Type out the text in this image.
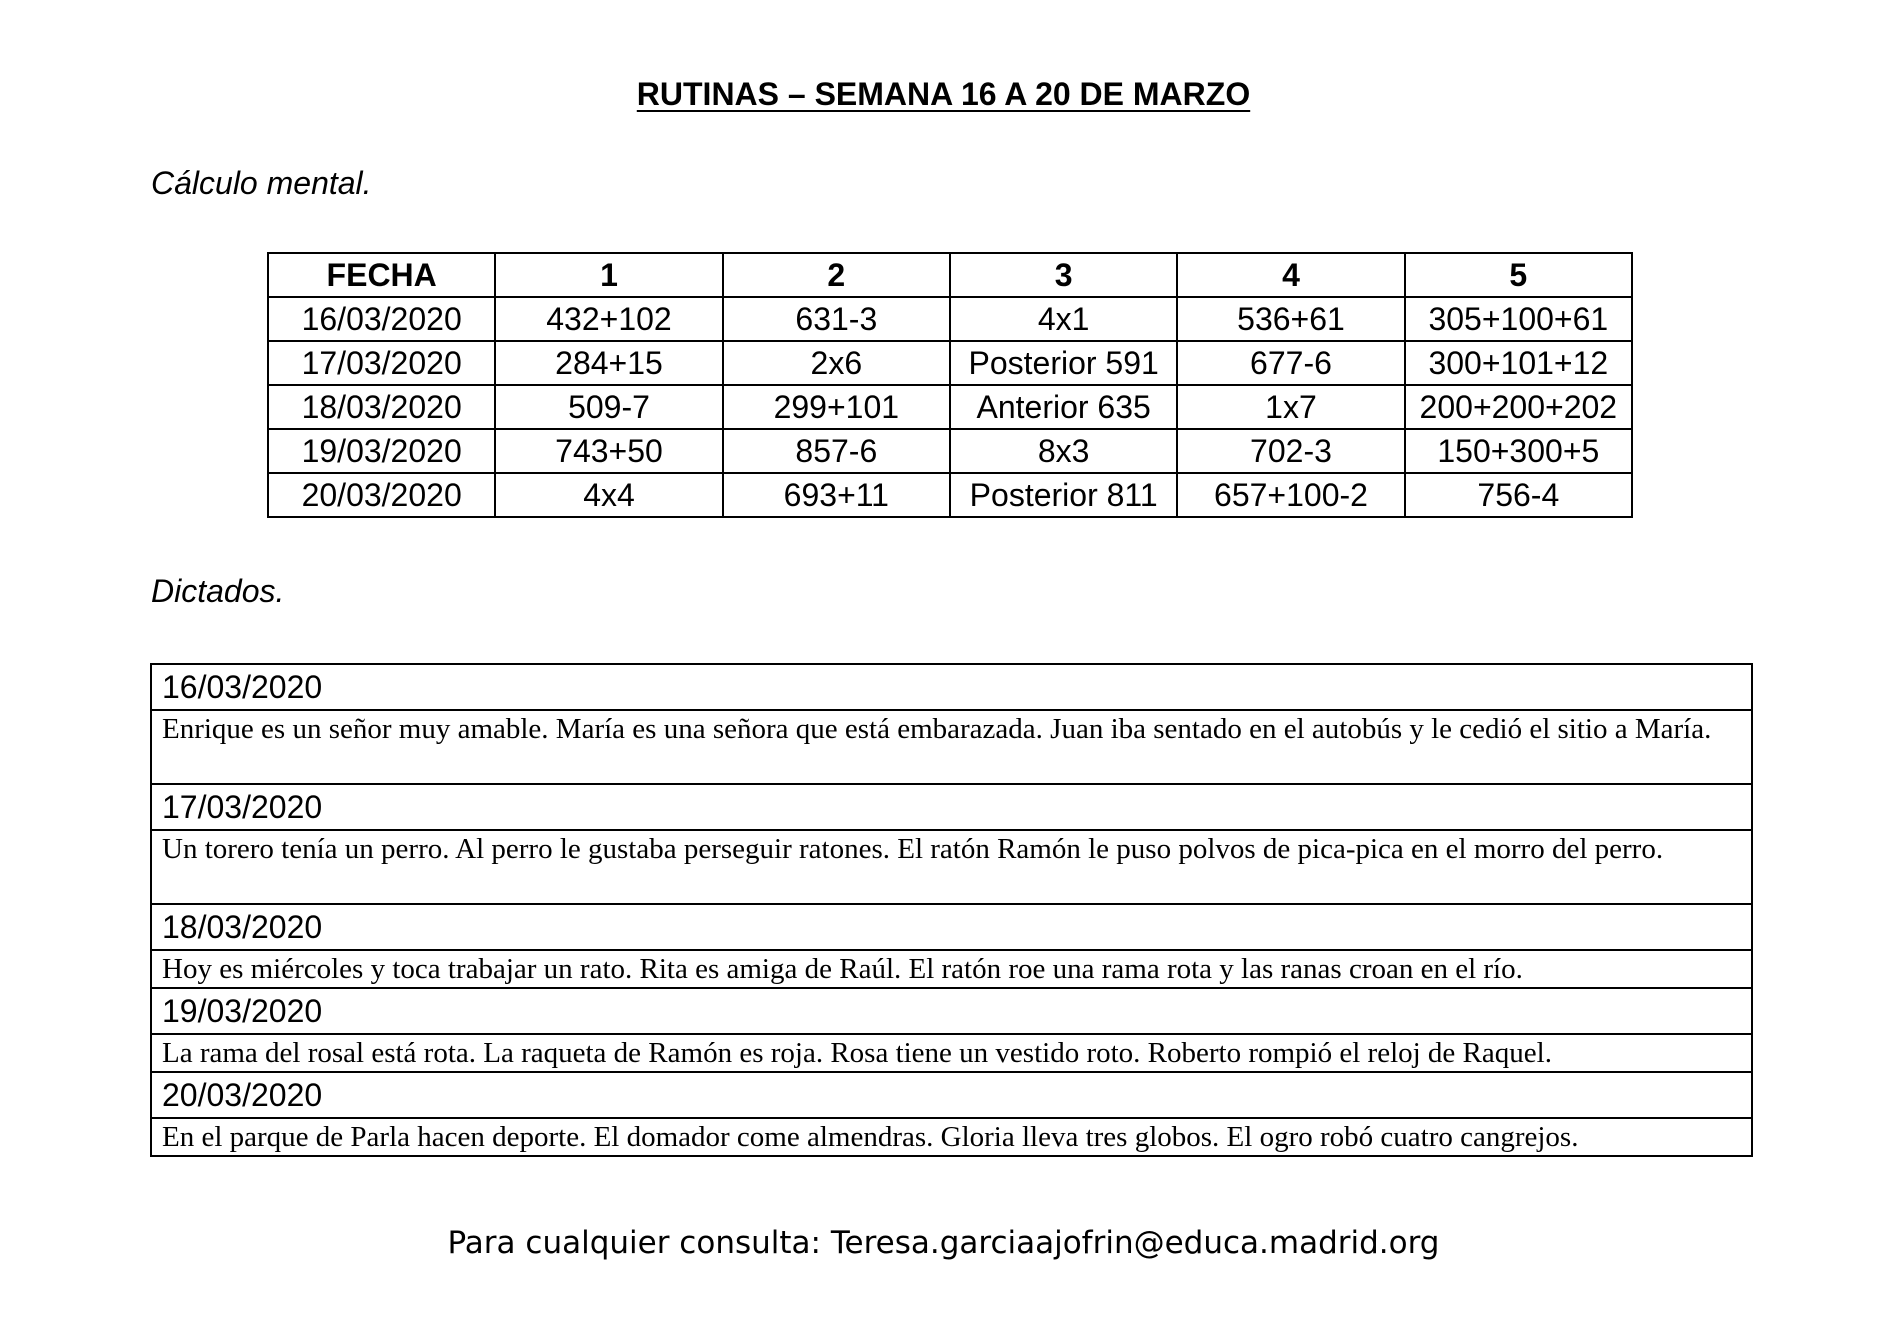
RUTINAS – SEMANA 16 A 20 DE MARZO
Cálculo mental.
FECHA	1	2	3	4	5
16/03/2020	432+102	631-3	4x1	536+61	305+100+61
17/03/2020	284+15	2x6	Posterior 591	677-6	300+101+12
18/03/2020	509-7	299+101	Anterior 635	1x7	200+200+202
19/03/2020	743+50	857-6	8x3	702-3	150+300+5
20/03/2020	4x4	693+11	Posterior 811	657+100-2	756-4
Dictados.
16/03/2020
Enrique es un señor muy amable. María es una señora que está embarazada. Juan iba sentado en el autobús y le cedió el sitio a María.
17/03/2020
Un torero tenía un perro. Al perro le gustaba perseguir ratones. El ratón Ramón le puso polvos de pica-pica en el morro del perro.
18/03/2020
Hoy es miércoles y toca trabajar un rato. Rita es amiga de Raúl. El ratón roe una rama rota y las ranas croan en el río.
19/03/2020
La rama del rosal está rota. La raqueta de Ramón es roja. Rosa tiene un vestido roto. Roberto rompió el reloj de Raquel.
20/03/2020
En el parque de Parla hacen deporte. El domador come almendras. Gloria lleva tres globos. El ogro robó cuatro cangrejos.
Para cualquier consulta: Teresa.garciaajofrin@educa.madrid.org
